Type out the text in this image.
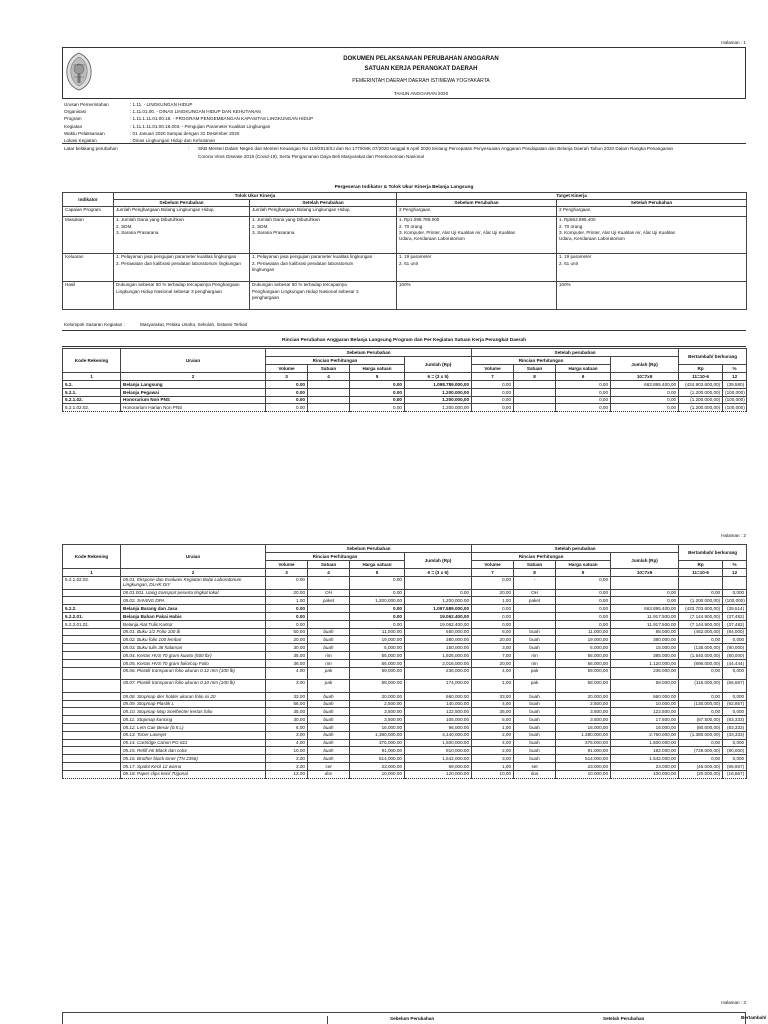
Halaman : 1
DOKUMEN PELAKSANAAN PERUBAHAN ANGGARAN
SATUAN KERJA PERANGKAT DAERAH
PEMERINTAH DAERAH DAERAH ISTIMEWA YOGYAKARTA
TAHUN ANGGARAN 2020
Urusan Pemerintahan	: 1.11. - LINGKUNGAN HIDUP
Organisasi	: 1.11.01.00. - DINAS LINGKUNGAN HIDUP DAN KEHUTANAN
Program	: 1.11.1.11.01.00.18. - PROGRAM PENGEMBANGAN KAPASITAS LINGKUNGAN HIDUP
Kegiatan	: 1.11.1.11.01.00.18.003. - Pengujian Parameter Kualitas Lingkungan
Waktu Pelaksanaan	: 01 Januari 2020 Sampai dengan 31 Desember 2020
Lokasi Kegiatan	: Dinas Lingkungan Hidup dan Kehutanan
Latar belakang perubahan	: SKB Menteri Dalam Negeri dan Menteri Keuangan No 119/2813/SJ dan No 177/KMK.07/2020 tanggal 9 April 2020 tentang Percepatan Penyesuaian Anggaran Pendapatan dan Belanja Daerah Tahun 2020 Dalam Rangka Penanganan
Corona Virus Disease 2019 (Covid-19), Serta Pengamanan Daya Beli Masyarakat dan Perekonomian Nasional
Pergeseran Indikator & Tolok Ukur Kinerja Belanja Langsung
Indikator	Tolok Ukur Kinerja		Target Kinerja	
	Sebelum Perubahan	Setelah Perubahan	Sebelum Perubahan	Setelah Perubahan
Capaian Program	Jumlah Penghargaan Bidang Lingkungan Hidup	Jumlah Penghargaan Bidang Lingkungan Hidup	3 Penghargaan	3 Penghargaan
Masukan	1. Jumlah Dana yang Dibutuhkan
2. SDM
3. Sarana Prasarana	1. Jumlah Dana yang Dibutuhkan
2. SDM
3. Sarana Prasarana	1. Rp1.098.789.000
2. 70 orang
3. Komputer, Printer, Alat Uji Kualitas Air, Alat Uji Kualitas
Udara, Kendaraan Laboratorium	1. Rp663.895.400
2. 70 orang
3. Komputer, Printer, Alat Uji Kualitas Air, Alat Uji Kualitas
Udara, Kendaraan Laboratorium
Keluaran	1. Pelayanan jasa pengujian parameter kualitas lingkungan
2. Perawatan dan kalibrasi peralatan laboratorium lingkungan	1. Pelayanan jasa pengujian parameter kualitas lingkungan
2. Perawatan dan kalibrasi peralatan laboratorium
lingkungan	1. 19 parameter
2. 61 unit	1. 19 parameter
2. 61 unit
Hasil	Dukungan sebesar 50 % terhadap tercapainya Penghargaan
Lingkungan Hidup Nasional sebesar 3 penghargaan	Dukungan sebesar 50 % terhadap tercapainya
Penghargaan Lingkungan Hidup Nasional sebesar 3
penghargaan	100%	100%
Kelompok Sasaran Kegiatan :	Masyarakat, Pelaku Usaha, Sekolah, Instansi Terkait
Rincian Perubahan Anggaran Belanja Langsung Program dan Per Kegiatan Satuan Kerja Perangkat Daerah
Kode Rekening	Uraian	Sebelum Perubahan				Setelah perubahan				Bertambah/ berkurang	
		Rincian Perhitungan			Jumlah (Rp)	Rincian Perhitungan			Jumlah (Rp)		
		Volume	Satuan	Harga satuan		Volume	Satuan	Harga satuan		Rp	%
1	2	3	4	5	6 = (3 x 5)	7	8	9	10=7x9	11=10-6	12
5.2.	Belanja Langsung	0.00		0.00	1.098.789.000,00	0,00		0,00	663.895.400,00	(434.903.600,00)	(39,580)
5.2.1.	Belanja Pegawai	0.00		0.00	1.200.000,00	0,00		0,00	0,00	(1.200.000,00)	(100,000)
5.2.1.02.	Honorarium Non PNS	0.00		0.00	1.200.000,00	0,00		0,00	0,00	(1.200.000,00)	(100,000)
5.2.1.02.02.	Honorarium Harian Non PNS	0.00		0.00	1.200.000,00	0,00		0,00	0,00	(1.200.000,00)	(100,000)
Halaman : 2
Kode Rekening	Uraian	Sebelum Perubahan				Setelah perubahan				Bertambah/ berkurang	
		Rincian Perhitungan			Jumlah (Rp)	Rincian Perhitungan			Jumlah (Rp)		
		Volume	Satuan	Harga satuan		Volume	Satuan	Harga satuan		Rp	%
1	2	3	4	5	6 = (3 x 5)	7	8	9	10=7x9	11=10-6	12
5.2.1.02.02.	05.01. Ekspose dan Evaluasi Kegiatan Balai Laboratorium Lingkungan, DLHK DIY	0.00	-	0.00		0,00	-	0,00			
	05.01.001. Uang transport peserta tingkat lokal	20.00	OH	0.00	0.00	20,00	OH	0,00	0,00	0,00	0,000
	05.02. SAVING DPA	1.00	paket	1,200,000.00	1,200,000.00	1,00	paket	0,00	0,00	(1.200.000,00)	(100,000)
5.2.2.	Belanja Barang dan Jasa	0.00		0.00	1.097.589.000,00	0,00		0,00	663.895.400,00	(433.703.600,00)	(39,514)
5.2.2.01.	Belanja Bahan Pakai Habis	0.00		0.00	19.062.400,00	0,00		0,00	11.917.500,00	(7.144.900,00)	(37,482)
5.2.2.01.01.	Belanja Alat Tulis Kantor	0.00		0.00	19.062.400,00	0,00		0,00	11.917.500,00	(7.144.900,00)	(37,482)
	05.01. Buku 1/2 Folio 100 lb	50.00	buah	11,000.00	550,000.00	8,00	buah	11.000,00	88.000,00	(462.000,00)	(84,000)
	05.02. Buku folio 100 lembar	20.00	buah	19,000.00	380,000.00	20,00	buah	19.000,00	380.000,00	0,00	0,000
	05.03. Buku tulis 38 halaman	30.00	buah	5,000.00	150,000.00	3,00	buah	5.000,00	15.000,00	(135.000,00)	(90,000)
	05.04. Kertas HVS 70 gram kuarto (500 lbr)	35.00	rim	55,000.00	1,925,000.00	7,00	rim	55.000,00	385.000,00	(1.540.000,00)	(80,000)
	05.05. Kertas HVS 70 gram folio/cop Folio	36.00	rim	56,000.00	2,016,000.00	20,00	rim	56.000,00	1.120.000,00	(896.000,00)	(44,444)
	05.06. Plastik transparan folio ukuran 0.12 mm (100 lb)	4.00	pak	59,000.00	236,000.00	4,00	pak	59.000,00	236.000,00	0,00	0,000
	05.07. Plastik transparan folio ukuran 0.10 mm (100 lb)	3.00	pak	58,000.00	174,000.00	1,00	pak	58.000,00	58.000,00	(116.000,00)	(66,667)
	05.08. Stopmap dier holder ukuran folio isi 20	33.00	buah	20,000.00	660,000.00	33,00	buah	20.000,00	660.000,00	0,00	0,000
	05.09. Stopmap Plastik L	56.00	buah	2,500.00	140,000.00	4,00	buah	2.500,00	10.000,00	(130.000,00)	(92,857)
	05.10. Stopmap Map Snelhecter kertas folio	35.00	buah	3,500.00	122,500.00	35,00	buah	3.500,00	122.500,00	0,00	0,000
	05.11. Stopmap kancing	30.00	buah	3,500.00	105,000.00	5,00	buah	3.500,00	17.500,00	(87.500,00)	(83,333)
	05.12. Lem Cair Besar (0.5 L)	6.00	buah	16,000.00	96,000.00	1,00	buah	16.000,00	16.000,00	(80.000,00)	(83,333)
	05.13. Toner Laserjet	3.00	buah	1,380,000.00	4,140,000.00	2,00	buah	1.380.000,00	2.760.000,00	(1.380.000,00)	(33,333)
	05.14. Cartridge Canon PG 811	4.00	buah	375,000.00	1,500,000.00	4,00	buah	375.000,00	1.500.000,00	0,00	0,000
	05.15. Refill ink Black dan color	10.00	buah	91,000.00	910,000.00	2,00	buah	91.000,00	182.000,00	(728.000,00)	(80,000)
	05.16. Brother black toner (TN 2356)	3.00	buah	514,000.00	1,542,000.00	3,00	buah	514.000,00	1.542.000,00	0,00	0,000
	05.17. Spidol Kecil 12 warna	3.00	set	23,000.00	69,000.00	1,00	set	23.000,00	23.000,00	(46.000,00)	(66,667)
	05.18. Paper clips kecil Trigonal	12.00	dos	10,000.00	120,000.00	10,00	dos	10.000,00	100.000,00	(20.000,00)	(16,667)
Halaman : 3
Sebelum Perubahan	Setelah Perubahan	Bertambah/
